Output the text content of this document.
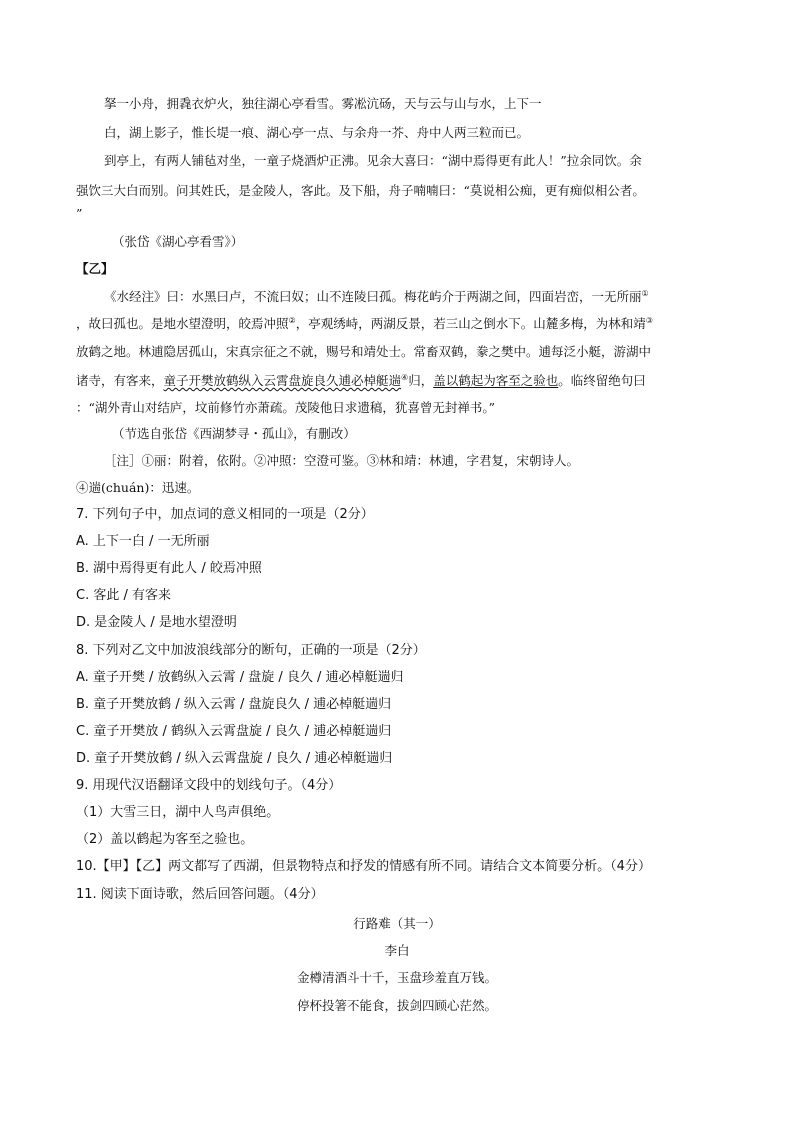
拏一小舟，拥毳衣炉火，独往湖心亭看雪。雾凇沆砀，天与云与山与水，上下一
白，湖上影子，惟长堤一痕、湖心亭一点、与余舟一芥、舟中人两三粒而已。
到亭上，有两人铺毡对坐，一童子烧酒炉正沸。见余大喜曰：“湖中焉得更有此人！”拉余同饮。余
强饮三大白而别。问其姓氏，是金陵人，客此。及下船，舟子喃喃曰：“莫说相公痴，更有痴似相公者。
”
（张岱《湖心亭看雪》）
【乙】
《水经注》曰：水黑曰卢，不流曰奴；山不连陵曰孤。梅花屿介于两湖之间，四面岩峦，一无所丽①
，故曰孤也。是地水望澄明，皎焉冲照②，亭观绣峙，两湖反景，若三山之倒水下。山麓多梅，为林和靖③
放鹤之地。林逋隐居孤山，宋真宗征之不就，赐号和靖处士。常畜双鹤，豢之樊中。逋每泛小艇，游湖中
诸寺，有客来，童子开樊放鹤纵入云霄盘旋良久逋必棹艇遄④归，盖以鹤起为客至之验也。临终留绝句曰
：“湖外青山对结庐，坟前修竹亦萧疏。茂陵他日求遗稿，犹喜曾无封禅书。”
（节选自张岱《西湖梦寻・孤山》，有删改）
［注］①丽：附着，依附。②冲照：空澄可鉴。③林和靖：林逋，字君复，宋朝诗人。
④遄(chuán)：迅速。
7. 下列句子中，加点词的意义相同的一项是（2分）
A. 上下一白 / 一无所丽
B. 湖中焉得更有此人 / 皎焉冲照
C. 客此 / 有客来
D. 是金陵人 / 是地水望澄明
8. 下列对乙文中加波浪线部分的断句，正确的一项是（2分）
A. 童子开樊 / 放鹤纵入云霄 / 盘旋 / 良久 / 逋必棹艇遄归
B. 童子开樊放鹤 / 纵入云霄 / 盘旋良久 / 逋必棹艇遄归
C. 童子开樊放 / 鹤纵入云霄盘旋 / 良久 / 逋必棹艇遄归
D. 童子开樊放鹤 / 纵入云霄盘旋 / 良久 / 逋必棹艇遄归
9. 用现代汉语翻译文段中的划线句子。（4分）
（1）大雪三日，湖中人鸟声俱绝。
（2）盖以鹤起为客至之验也。
10.【甲】【乙】两文都写了西湖，但景物特点和抒发的情感有所不同。请结合文本简要分析。（4分）
11. 阅读下面诗歌，然后回答问题。（4分）
行路难（其一）
李白
金樽清酒斗十千，玉盘珍羞直万钱。
停杯投箸不能食，拔剑四顾心茫然。
